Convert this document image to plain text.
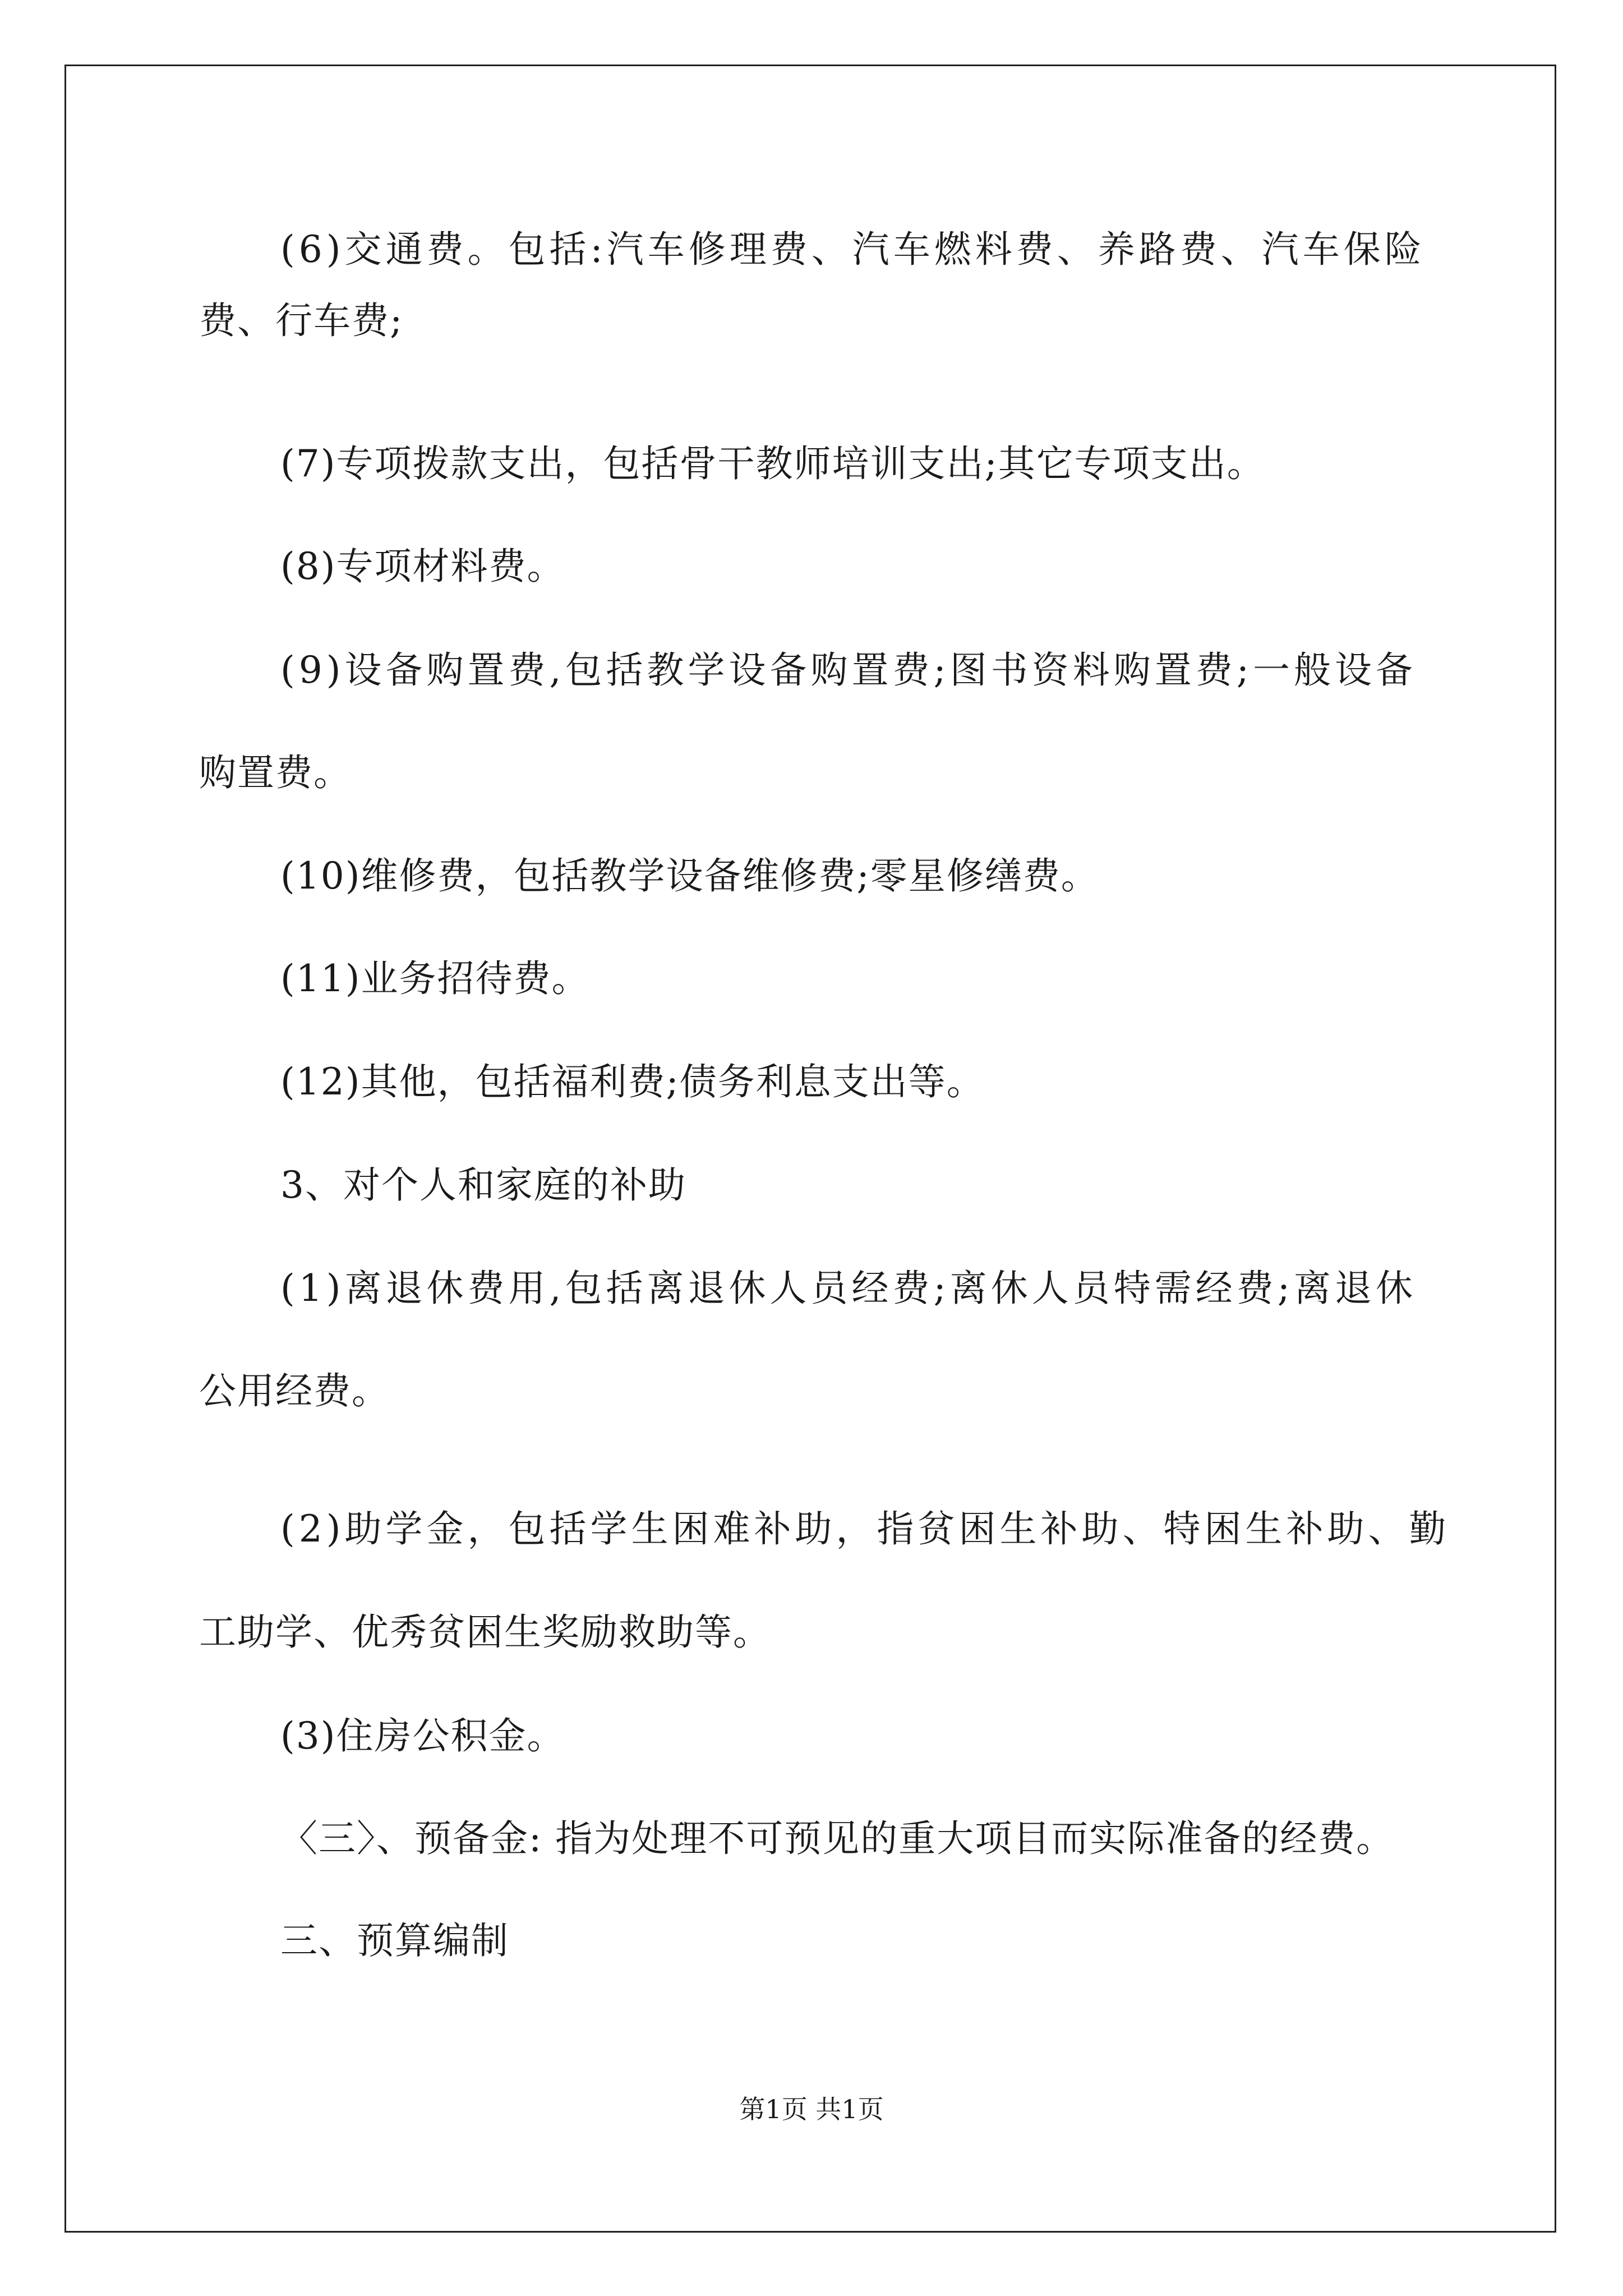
(6)交通费。包括:汽车修理费、汽车燃料费、养路费、汽车保险
费、行车费;
(7)专项拨款支出，包括骨干教师培训支出;其它专项支出。
(8)专项材料费。
(9)设备购置费,包括教学设备购置费;图书资料购置费;一般设备
购置费。
(10)维修费，包括教学设备维修费;零星修缮费。
(11)业务招待费。
(12)其他，包括福利费;债务利息支出等。
3、对个人和家庭的补助
(1)离退休费用,包括离退休人员经费;离休人员特需经费;离退休
公用经费。
(2)助学金，包括学生困难补助，指贫困生补助、特困生补助、勤
工助学、优秀贫困生奖励救助等。
(3)住房公积金。
〈三〉、预备金: 指为处理不可预见的重大项目而实际准备的经费。
三、预算编制
第1页 共1页
